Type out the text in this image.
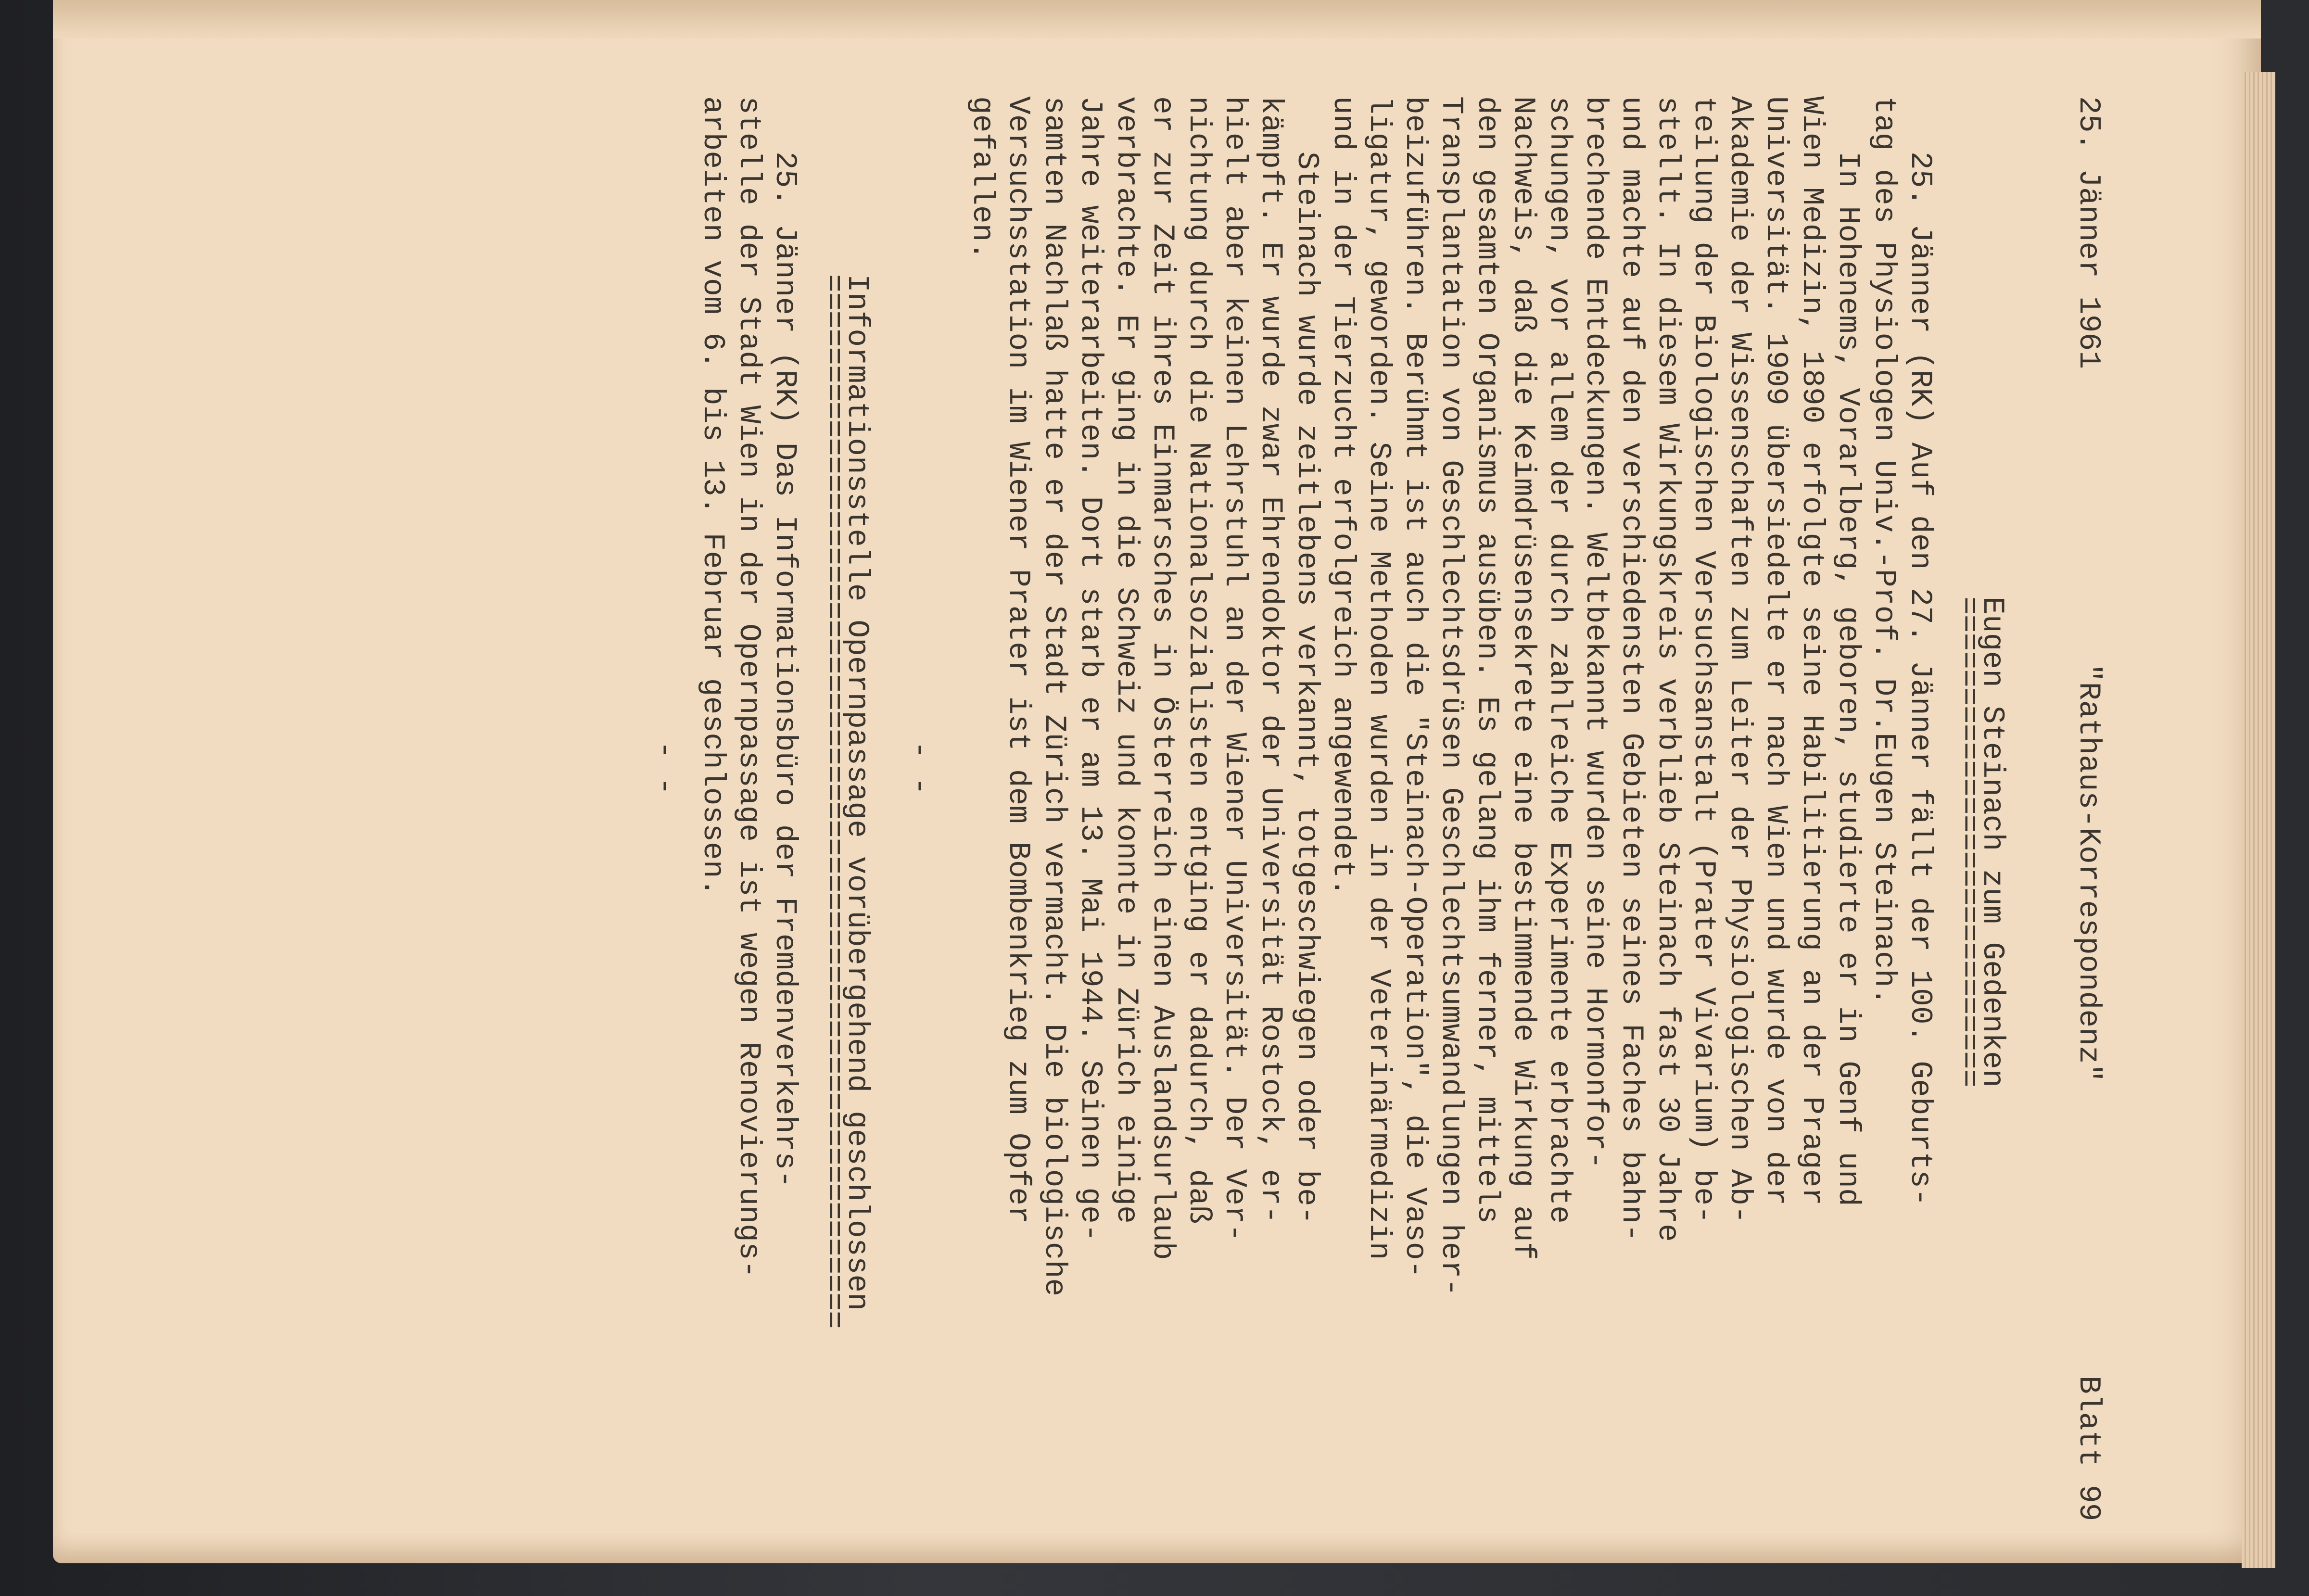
25. Jänner 1961

"Rathaus-Korrespondenz"

Blatt 99

Eugen Steinach zum Gedenken

===========================

25. Jänner (RK) Auf den 27. Jänner fällt der 100. Geburts-

tag des Physiologen Univ.-Prof. Dr.Eugen Steinach.

In Hohenems, Vorarlberg, geboren, studierte er in Genf und

Wien Medizin, 1890 erfolgte seine Habilitierung an der Prager

Universität. 1909 übersiedelte er nach Wien und wurde von der

Akademie der Wissenschaften zum Leiter der Physiologischen Ab-

teilung der Biologischen Versuchsanstalt (Prater Vivarium) be-

stellt. In diesem Wirkungskreis verblieb Steinach fast 30 Jahre

und machte auf den verschiedensten Gebieten seines Faches bahn-

brechende Entdeckungen. Weltbekannt wurden seine Hormonfor-

schungen, vor allem der durch zahlreiche Experimente erbrachte

Nachweis, daß die Keimdrüsensekrete eine bestimmende Wirkung auf

den gesamten Organismus ausüben. Es gelang ihm ferner, mittels

Transplantation von Geschlechtsdrüsen Geschlechtsumwandlungen her-

beizuführen. Berühmt ist auch die "Steinach-Operation", die Vaso-

ligatur, geworden. Seine Methoden wurden in der Veterinärmedizin

und in der Tierzucht erfolgreich angewendet.

Steinach wurde zeitlebens verkannt, totgeschwiegen oder be-

kämpft. Er wurde zwar Ehrendoktor der Universität Rostock, er-

hielt aber keinen Lehrstuhl an der Wiener Universität. Der Ver-

nichtung durch die Nationalsozialisten entging er dadurch, daß

er zur Zeit ihres Einmarsches in Österreich einen Auslandsurlaub

verbrachte. Er ging in die Schweiz und konnte in Zürich einige

Jahre weiterarbeiten. Dort starb er am 13. Mai 1944. Seinen ge-

samten Nachlaß hatte er der Stadt Zürich vermacht. Die biologische

Versuchsstation im Wiener Prater ist dem Bombenkrieg zum Opfer

gefallen.

- -

Informationsstelle Opernpassage vorübergehend geschlossen

==========================================================

25. Jänner (RK) Das Informationsbüro der Fremdenverkehrs-

stelle der Stadt Wien in der Opernpassage ist wegen Renovierungs-

arbeiten vom 6. bis 13. Februar geschlossen.

- -
